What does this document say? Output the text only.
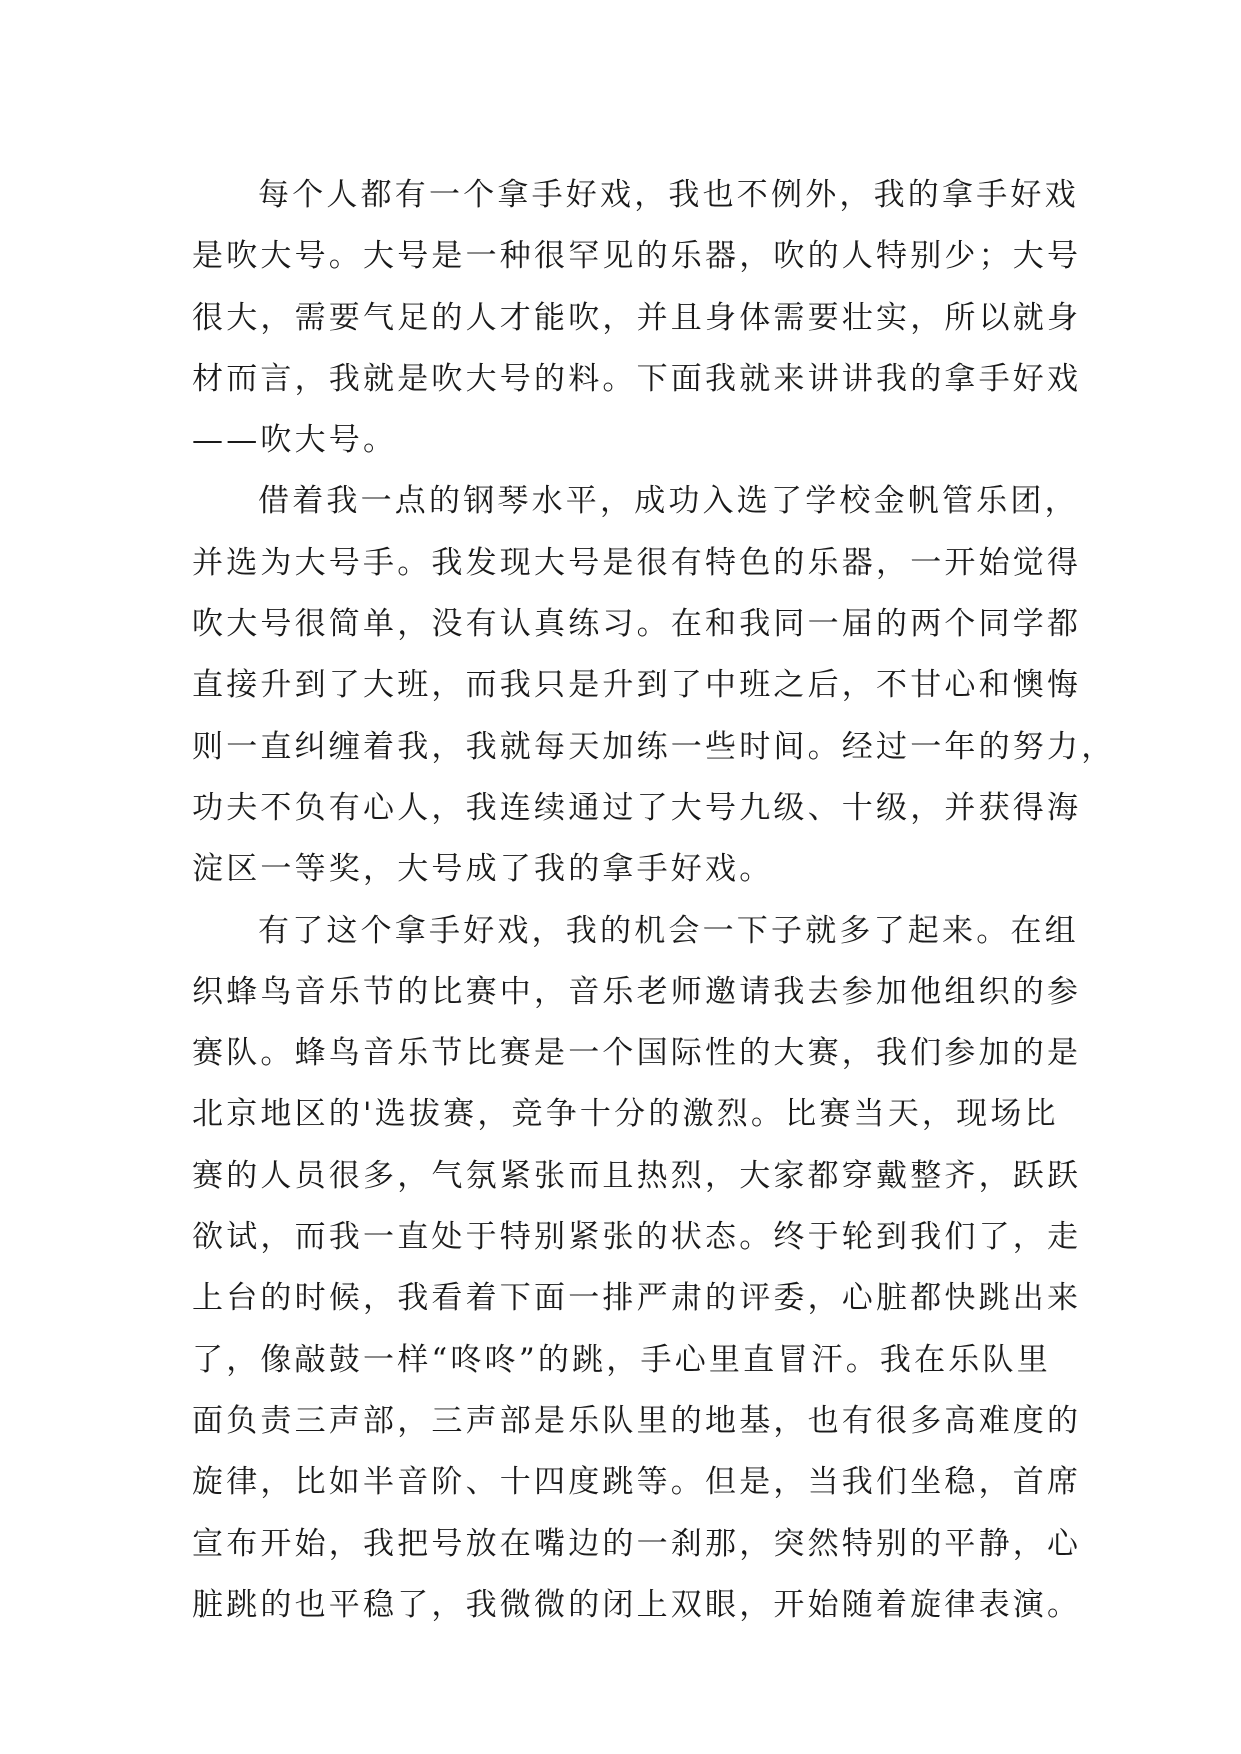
每个人都有一个拿手好戏，我也不例外，我的拿手好戏
是吹大号。大号是一种很罕见的乐器，吹的人特别少；大号
很大，需要气足的人才能吹，并且身体需要壮实，所以就身
材而言，我就是吹大号的料。下面我就来讲讲我的拿手好戏
——吹大号。
借着我一点的钢琴水平，成功入选了学校金帆管乐团，
并选为大号手。我发现大号是很有特色的乐器，一开始觉得
吹大号很简单，没有认真练习。在和我同一届的两个同学都
直接升到了大班，而我只是升到了中班之后，不甘心和懊悔
则一直纠缠着我，我就每天加练一些时间。经过一年的努力，
功夫不负有心人，我连续通过了大号九级、十级，并获得海
淀区一等奖，大号成了我的拿手好戏。
有了这个拿手好戏，我的机会一下子就多了起来。在组
织蜂鸟音乐节的比赛中，音乐老师邀请我去参加他组织的参
赛队。蜂鸟音乐节比赛是一个国际性的大赛，我们参加的是
北京地区的'选拔赛，竞争十分的激烈。比赛当天，现场比
赛的人员很多，气氛紧张而且热烈，大家都穿戴整齐，跃跃
欲试，而我一直处于特别紧张的状态。终于轮到我们了，走
上台的时候，我看着下面一排严肃的评委，心脏都快跳出来
了，像敲鼓一样“咚咚”的跳，手心里直冒汗。我在乐队里
面负责三声部，三声部是乐队里的地基，也有很多高难度的
旋律，比如半音阶、十四度跳等。但是，当我们坐稳，首席
宣布开始，我把号放在嘴边的一刹那，突然特别的平静，心
脏跳的也平稳了，我微微的闭上双眼，开始随着旋律表演。
